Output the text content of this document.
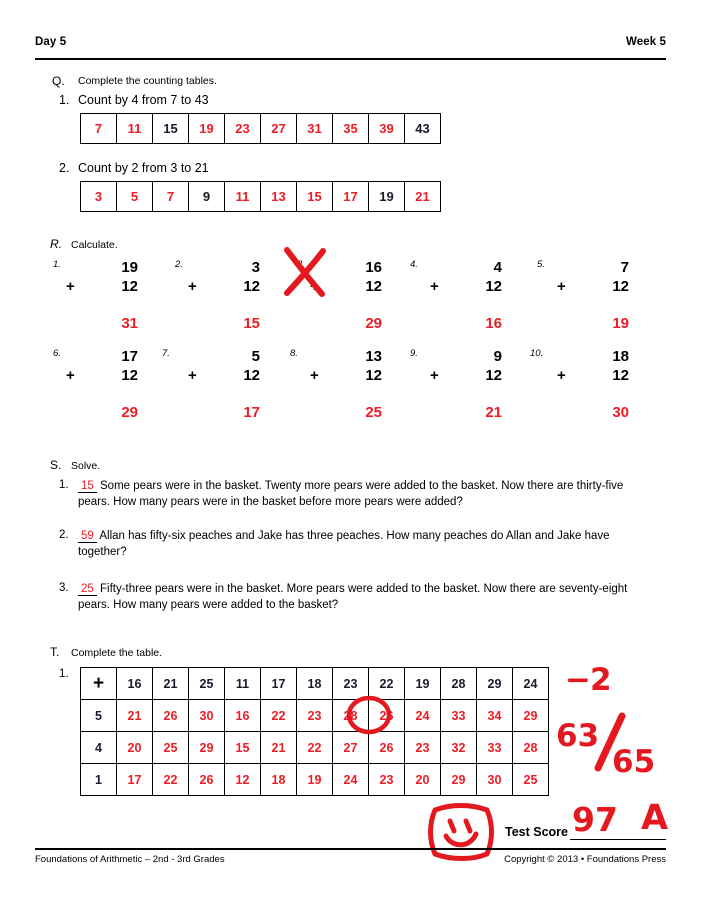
Day 5	Week 5
Q. Complete the counting tables.
1. Count by 4 from 7 to 43
7	11	15	19	23	27	31	35	39	43
2. Count by 2 from 3 to 21
3	5	7	9	11	13	15	17	19	21
R. Calculate.
1.	19
+	12
31
2.	3
+	12
15
3.	16
+	12
29
4.	4
+	12
16
5.	7
+	12
19
6.	17
+	12
29
7.	5
+	12
17
8.	13
+	12
25
9.	9
+	12
21
10.	18
+	12
30
S. Solve.
1. 15 Some pears were in the basket. Twenty more pears were added to the basket. Now there are thirty-five pears. How many pears were in the basket before more pears were added?
2. 59 Allan has fifty-six peaches and Jake has three peaches. How many peaches do Allan and Jake have together?
3. 25 Fifty-three pears were in the basket. More pears were added to the basket. Now there are seventy-eight pears. How many pears were added to the basket?
T. Complete the table.
1. +	16	21	25	11	17	18	23	22	19	28	29	24
5	21	26	30	16	22	23	28	26	24	33	34	29
4	20	25	29	15	21	22	27	26	23	32	33	28
1	17	22	26	12	18	19	24	23	20	29	30	25
−2
63
65
Test Score 97 A
Foundations of Arithmetic – 2nd - 3rd Grades	Copyright © 2013 • Foundations Press
